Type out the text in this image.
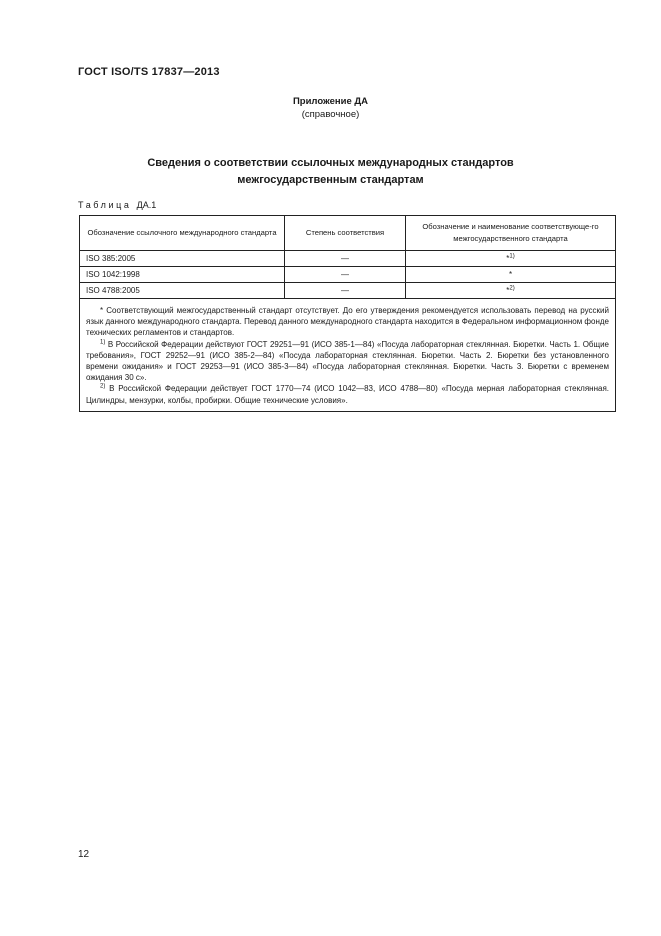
ГОСТ ISO/TS 17837—2013
Приложение ДА
(справочное)
Сведения о соответствии ссылочных международных стандартов
межгосударственным стандартам
Таблица ДА.1
Обозначение ссылочного международного стандарта	Степень соответствия	Обозначение и наименование соответствующе-го межгосударственного стандарта
ISO 385:2005	—	*$^{1)}$
ISO 1042:1998	—	*
ISO 4788:2005	—	*$^{2)}$

* Соответствующий межгосударственный стандарт отсутствует. До его утверждения рекомендуется использовать перевод на русский язык данного международного стандарта. Перевод данного международного стандарта находится в Федеральном информационном фонде технических регламентов и стандартов.

$^{1)}$ В Российской Федерации действуют ГОСТ 29251—91 (ИСО 385-1—84) «Посуда лабораторная стеклянная. Бюретки. Часть 1. Общие требования», ГОСТ 29252—91 (ИСО 385-2—84) «Посуда лабораторная стеклянная. Бюретки. Часть 2. Бюретки без установленного времени ожидания» и ГОСТ 29253—91 (ИСО 385-3—84) «Посуда лабораторная стеклянная. Бюретки. Часть 3. Бюретки с временем ожидания 30 с».

$^{2)}$ В Российской Федерации действует ГОСТ 1770—74 (ИСО 1042—83, ИСО 4788—80) «Посуда мерная лабораторная стеклянная. Цилиндры, мензурки, колбы, пробирки. Общие технические условия».		

12
